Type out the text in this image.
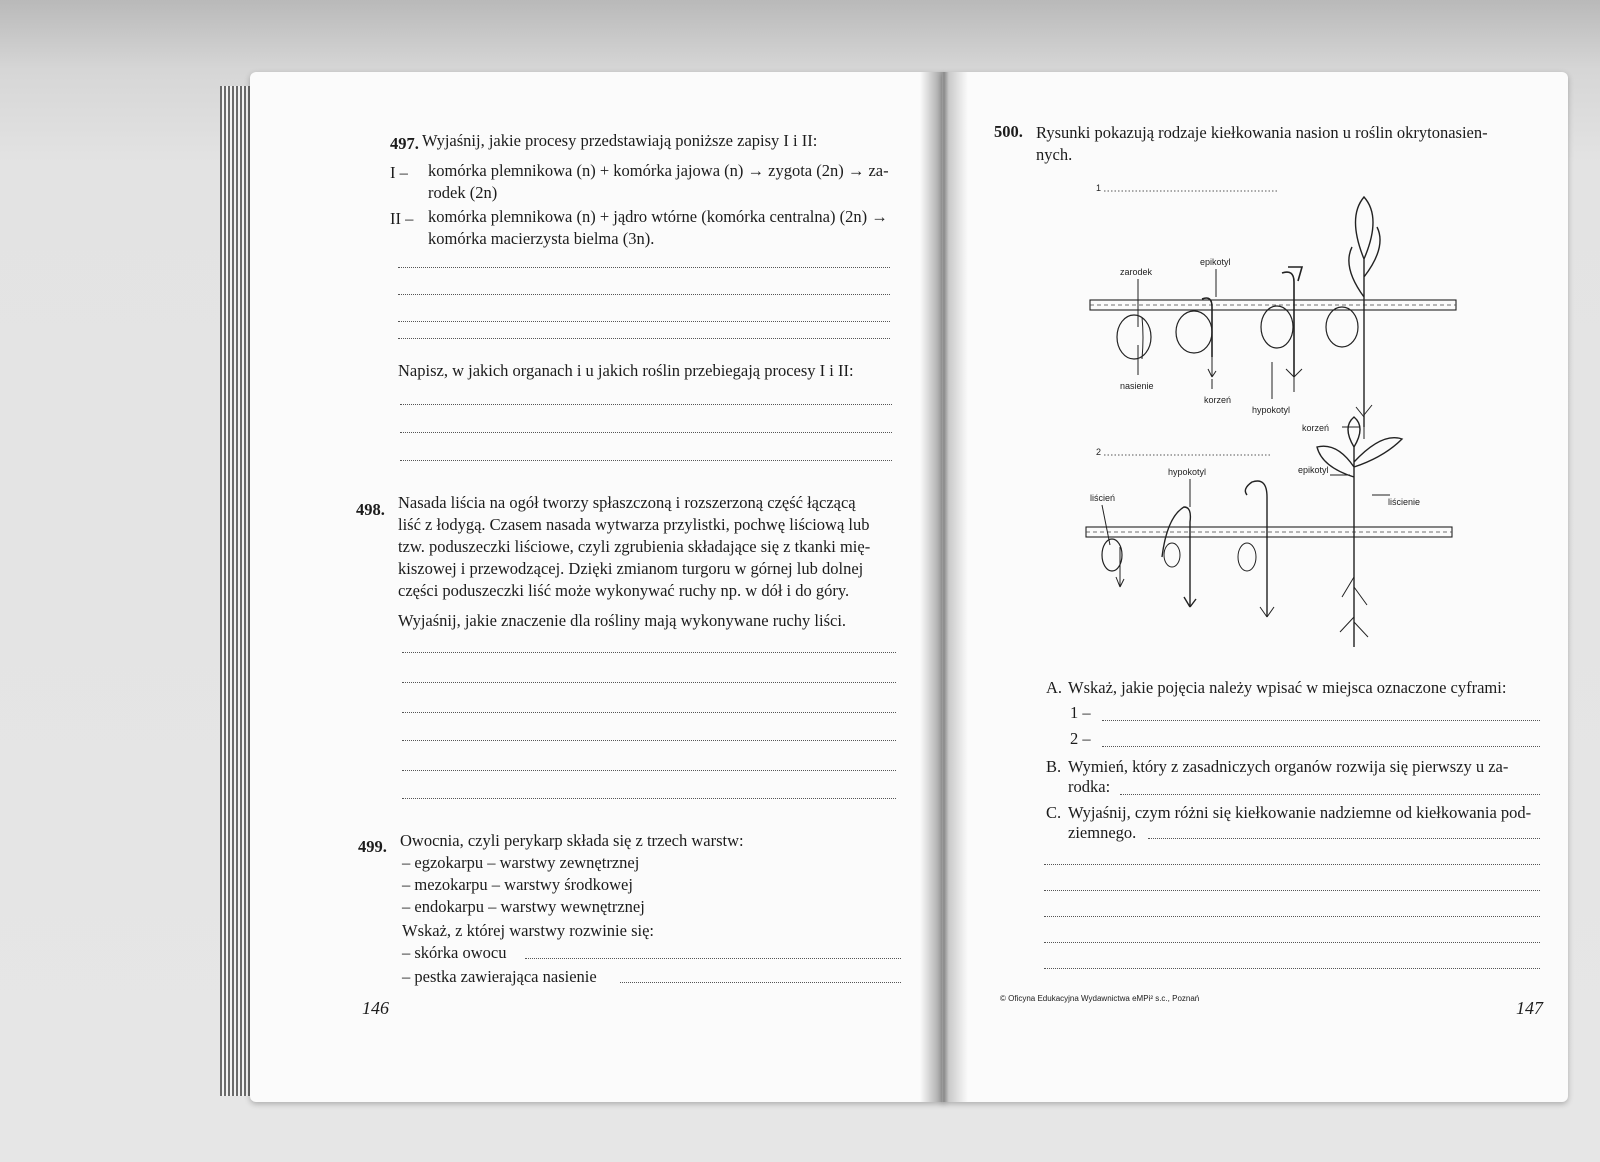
497. Wyjaśnij, jakie procesy przedstawiają poniższe zapisy I i II:
I – komórka plemnikowa (n) + komórka jajowa (n) → zygota (2n) → za-
rodek (2n)
II – komórka plemnikowa (n) + jądro wtórne (komórka centralna) (2n) →
komórka macierzysta bielma (3n).
Napisz, w jakich organach i u jakich roślin przebiegają procesy I i II:
498. Nasada liścia na ogół tworzy spłaszczoną i rozszerzoną część łączącą
liść z łodygą. Czasem nasada wytwarza przylistki, pochwę liściową lub
tzw. poduszeczki liściowe, czyli zgrubienia składające się z tkanki mię-
kiszowej i przewodzącej. Dzięki zmianom turgoru w górnej lub dolnej
części poduszeczki liść może wykonywać ruchy np. w dół i do góry.
Wyjaśnij, jakie znaczenie dla rośliny mają wykonywane ruchy liści.
499. Owocnia, czyli perykarp składa się z trzech warstw:
– egzokarpu – warstwy zewnętrznej
– mezokarpu – warstwy środkowej
– endokarpu – warstwy wewnętrznej
Wskaż, z której warstwy rozwinie się:
– skórka owocu
– pestka zawierająca nasienie
146
500. Rysunki pokazują rodzaje kiełkowania nasion u roślin okrytonasien-
nych.
1
zarodek
nasienie
epikotyl
korzeń
hypokotyl
korzeń
2
liścień
hypokotyl	epikotyl
liścienie
A. Wskaż, jakie pojęcia należy wpisać w miejsca oznaczone cyframi:
1 –
2 –
B. Wymień, który z zasadniczych organów rozwija się pierwszy u za-
rodka:
C. Wyjaśnij, czym różni się kiełkowanie nadziemne od kiełkowania pod-
ziemnego.
© Oficyna Edukacyjna Wydawnictwa eMPi² s.c., Poznań	147
